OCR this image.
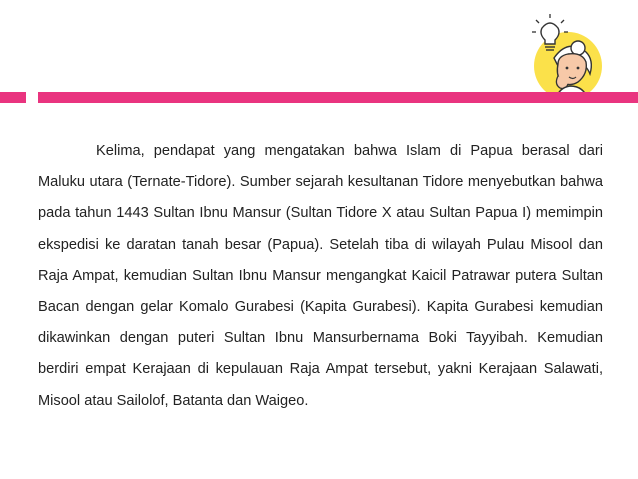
Kelima, pendapat yang mengatakan bahwa Islam di Papua berasal dari Maluku utara (Ternate-Tidore). Sumber sejarah kesultanan Tidore menyebutkan bahwa pada tahun 1443 Sultan Ibnu Mansur (Sultan Tidore X atau Sultan Papua I) memimpin ekspedisi ke daratan tanah besar (Papua). Setelah tiba di wilayah Pulau Misool dan Raja Ampat, kemudian Sultan Ibnu Mansur mengangkat Kaicil Patrawar putera Sultan Bacan dengan gelar Komalo Gurabesi (Kapita Gurabesi). Kapita Gurabesi kemudian dikawinkan dengan puteri Sultan Ibnu Mansurbernama Boki Tayyibah. Kemudian berdiri empat Kerajaan di kepulauan Raja Ampat tersebut, yakni Kerajaan Salawati, Misool atau Sailolof, Batanta dan Waigeo.
